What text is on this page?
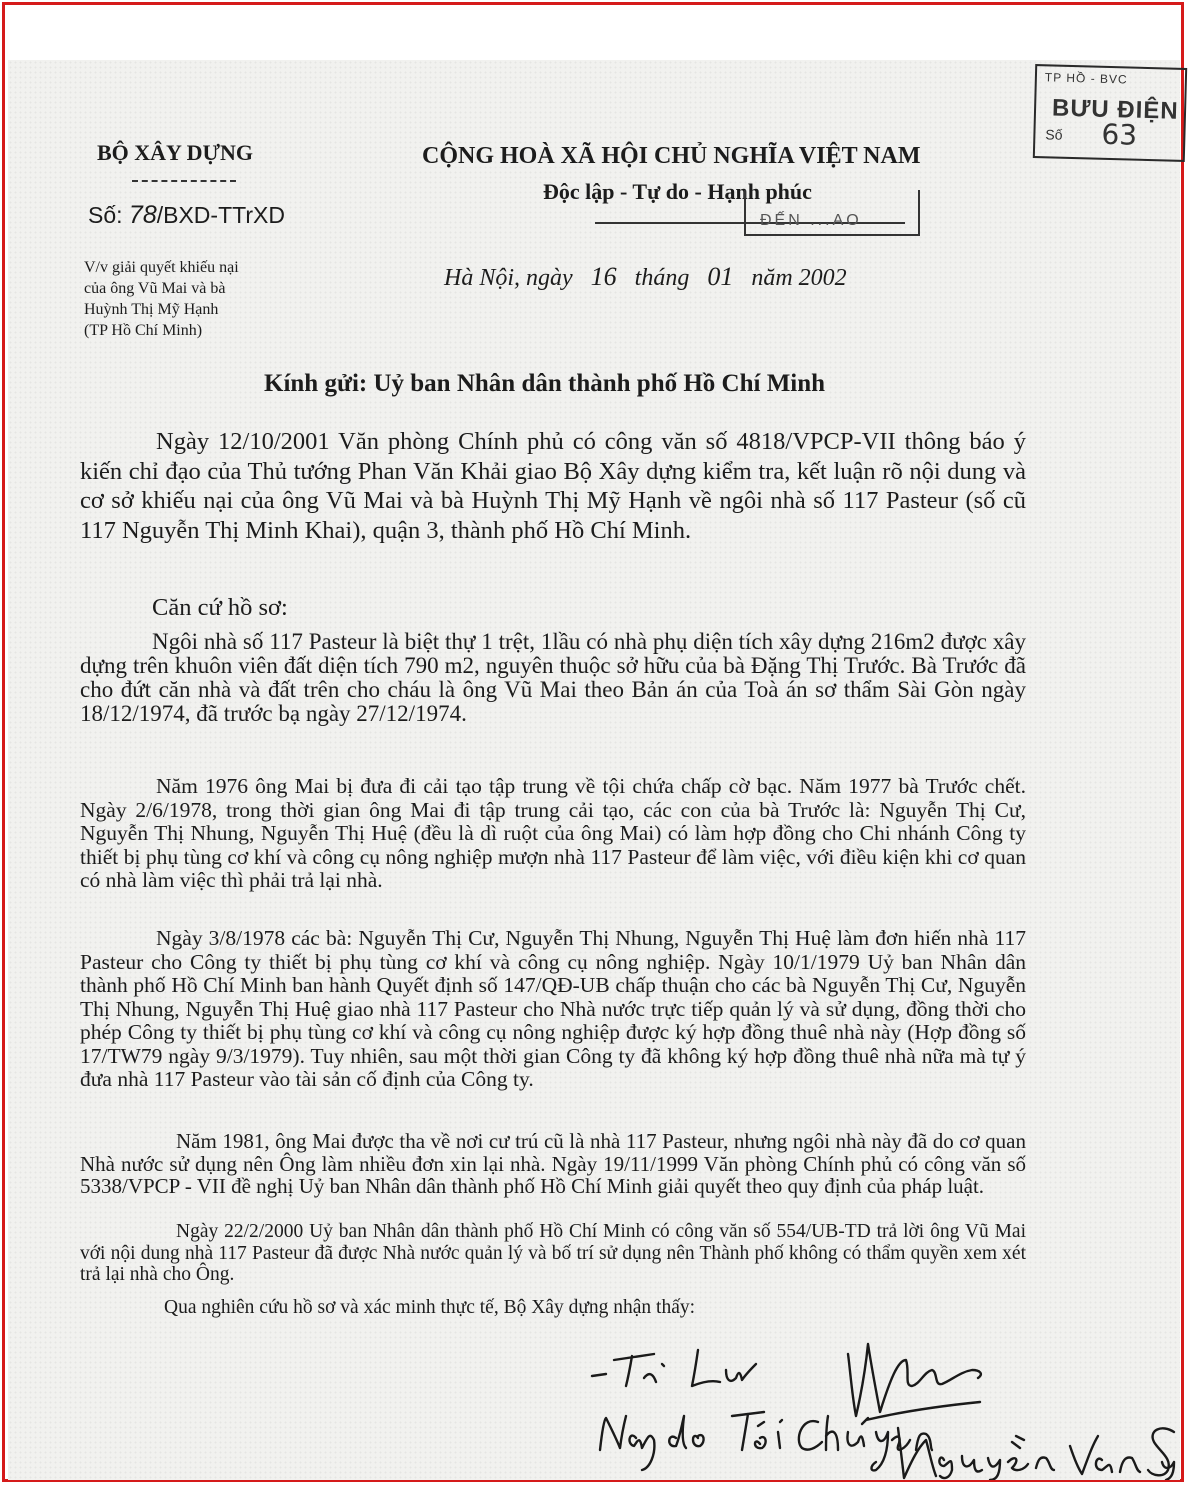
TP HỒ - BVC
BƯU ĐIỆN
Số 63
BỘ XÂY DỰNG
Số: 78/BXD-TTrXD
CỘNG HOÀ XÃ HỘI CHỦ NGHĨA VIỆT NAM
Độc lập - Tự do - Hạnh phúc
ĐẾN ...AO
V/v giải quyết khiếu nại
của ông Vũ Mai và bà
Huỳnh Thị Mỹ Hạnh
(TP Hồ Chí Minh)
Hà Nội, ngày 16 tháng 01 năm 2002
Kính gửi: Uỷ ban Nhân dân thành phố Hồ Chí Minh
Ngày 12/10/2001 Văn phòng Chính phủ có công văn số 4818/VPCP-VII thông báo ý kiến chỉ đạo của Thủ tướng Phan Văn Khải giao Bộ Xây dựng kiểm tra, kết luận rõ nội dung và cơ sở khiếu nại của ông Vũ Mai và bà Huỳnh Thị Mỹ Hạnh về ngôi nhà số 117 Pasteur (số cũ 117 Nguyễn Thị Minh Khai), quận 3, thành phố Hồ Chí Minh.
Căn cứ hồ sơ:
Ngôi nhà số 117 Pasteur là biệt thự 1 trệt, 1lầu có nhà phụ diện tích xây dựng 216m2 được xây dựng trên khuôn viên đất diện tích 790 m2, nguyên thuộc sở hữu của bà Đặng Thị Trước. Bà Trước đã cho đứt căn nhà và đất trên cho cháu là ông Vũ Mai theo Bản án của Toà án sơ thẩm Sài Gòn ngày 18/12/1974, đã trước bạ ngày 27/12/1974.
Năm 1976 ông Mai bị đưa đi cải tạo tập trung về tội chứa chấp cờ bạc. Năm 1977 bà Trước chết. Ngày 2/6/1978, trong thời gian ông Mai đi tập trung cải tạo, các con của bà Trước là: Nguyễn Thị Cư, Nguyễn Thị Nhung, Nguyễn Thị Huệ (đều là dì ruột của ông Mai) có làm hợp đồng cho Chi nhánh Công ty thiết bị phụ tùng cơ khí và công cụ nông nghiệp mượn nhà 117 Pasteur để làm việc, với điều kiện khi cơ quan có nhà làm việc thì phải trả lại nhà.
Ngày 3/8/1978 các bà: Nguyễn Thị Cư, Nguyễn Thị Nhung, Nguyễn Thị Huệ làm đơn hiến nhà 117 Pasteur cho Công ty thiết bị phụ tùng cơ khí và công cụ nông nghiệp. Ngày 10/1/1979 Uỷ ban Nhân dân thành phố Hồ Chí Minh ban hành Quyết định số 147/QĐ-UB chấp thuận cho các bà Nguyễn Thị Cư, Nguyễn Thị Nhung, Nguyễn Thị Huệ giao nhà 117 Pasteur cho Nhà nước trực tiếp quản lý và sử dụng, đồng thời cho phép Công ty thiết bị phụ tùng cơ khí và công cụ nông nghiệp được ký hợp đồng thuê nhà này (Hợp đồng số 17/TW79 ngày 9/3/1979). Tuy nhiên, sau một thời gian Công ty đã không ký hợp đồng thuê nhà nữa mà tự ý đưa nhà 117 Pasteur vào tài sản cố định của Công ty.
Năm 1981, ông Mai được tha về nơi cư trú cũ là nhà 117 Pasteur, nhưng ngôi nhà này đã do cơ quan Nhà nước sử dụng nên Ông làm nhiều đơn xin lại nhà. Ngày 19/11/1999 Văn phòng Chính phủ có công văn số 5338/VPCP - VII đề nghị Uỷ ban Nhân dân thành phố Hồ Chí Minh giải quyết theo quy định của pháp luật.
Ngày 22/2/2000 Uỷ ban Nhân dân thành phố Hồ Chí Minh có công văn số 554/UB-TD trả lời ông Vũ Mai với nội dung nhà 117 Pasteur đã được Nhà nước quản lý và bố trí sử dụng nên Thành phố không có thẩm quyền xem xét trả lại nhà cho Ông.
Qua nghiên cứu hồ sơ và xác minh thực tế, Bộ Xây dựng nhận thấy:
